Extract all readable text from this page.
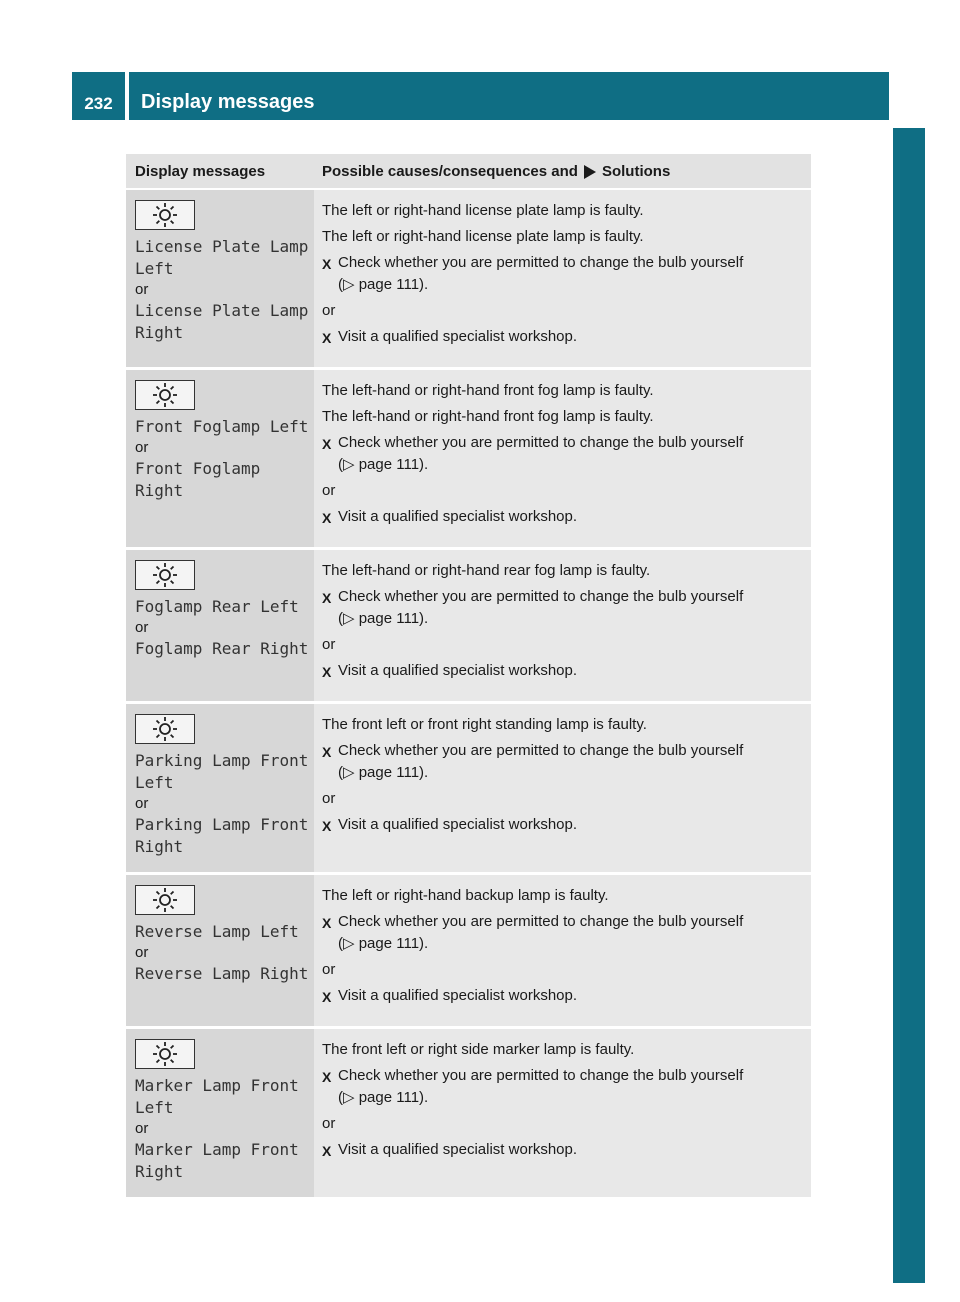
232	Display messages
On-board computer and displays
Display messages	Possible causes/consequences and Solutions
License Plate Lamp
Left
or
License Plate Lamp
Right

The left or right-hand license plate lamp is faulty.

The left or right-hand license plate lamp is faulty.

X Check whether you are permitted to change the bulb yourself
(▷ page 111).

or

X Visit a qualified specialist workshop.
Front Foglamp Left
or
Front Foglamp Right

The left-hand or right-hand front fog lamp is faulty.

The left-hand or right-hand front fog lamp is faulty.

X Check whether you are permitted to change the bulb yourself
(▷ page 111).

or

X Visit a qualified specialist workshop.
Foglamp Rear Left
or
Foglamp Rear Right

The left-hand or right-hand rear fog lamp is faulty.

X Check whether you are permitted to change the bulb yourself
(▷ page 111).

or

X Visit a qualified specialist workshop.
Parking Lamp Front
Left
or
Parking Lamp Front
Right

The front left or front right standing lamp is faulty.

X Check whether you are permitted to change the bulb yourself
(▷ page 111).

or

X Visit a qualified specialist workshop.
Reverse Lamp Left
or
Reverse Lamp Right

The left or right-hand backup lamp is faulty.

X Check whether you are permitted to change the bulb yourself
(▷ page 111).

or

X Visit a qualified specialist workshop.
Marker Lamp Front
Left
or
Marker Lamp Front
Right

The front left or right side marker lamp is faulty.

X Check whether you are permitted to change the bulb yourself
(▷ page 111).

or

X Visit a qualified specialist workshop.
